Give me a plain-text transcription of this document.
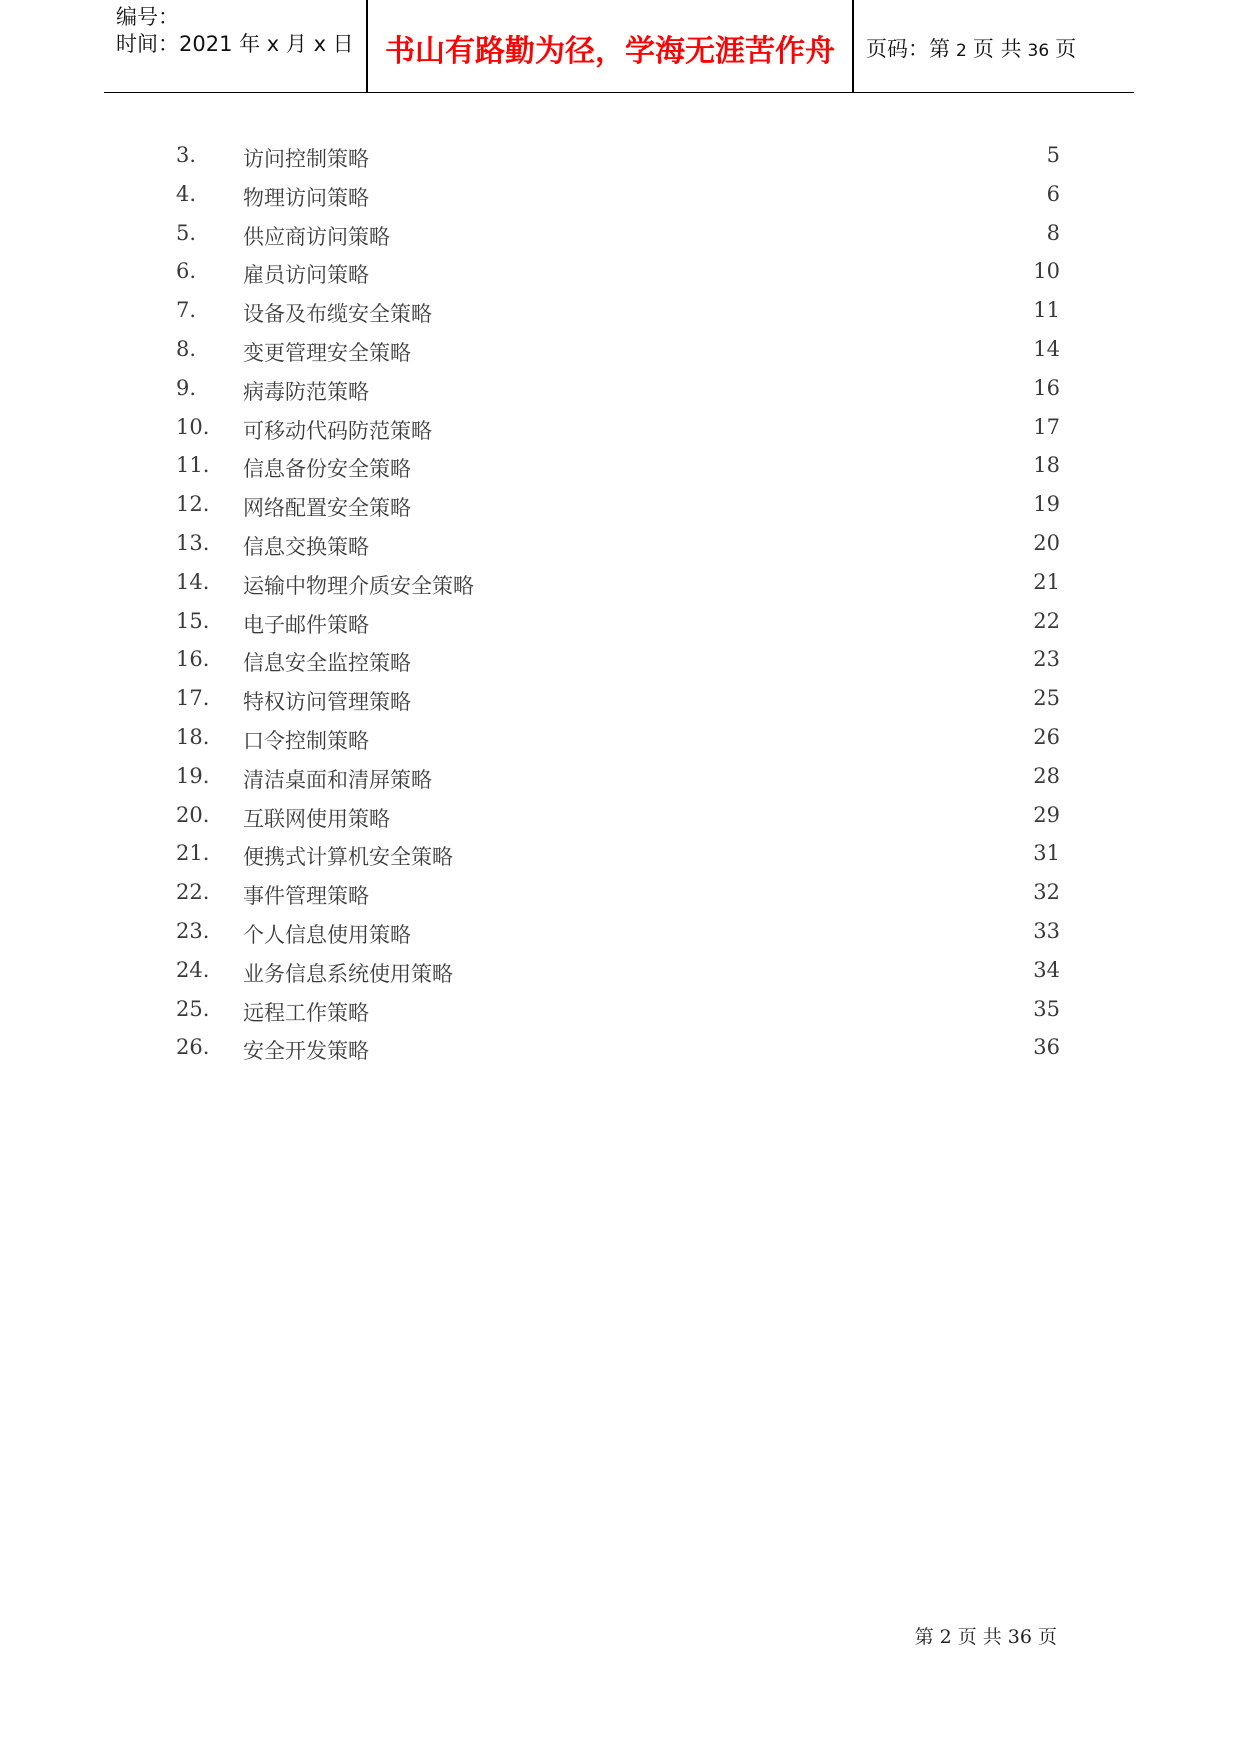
编号：
时间：2021 年 x 月 x 日	书山有路勤为径，学海无涯苦作舟	页码：第 2 页 共 36 页
3. 访问控制策略	5
4. 物理访问策略	6
5. 供应商访问策略	8
6. 雇员访问策略	10
7. 设备及布缆安全策略	11
8. 变更管理安全策略	14
9. 病毒防范策略	16
10. 可移动代码防范策略	17
11. 信息备份安全策略	18
12. 网络配置安全策略	19
13. 信息交换策略	20
14. 运输中物理介质安全策略	21
15. 电子邮件策略	22
16. 信息安全监控策略	23
17. 特权访问管理策略	25
18. 口令控制策略	26
19. 清洁桌面和清屏策略	28
20. 互联网使用策略	29
21. 便携式计算机安全策略	31
22. 事件管理策略	32
23. 个人信息使用策略	33
24. 业务信息系统使用策略	34
25. 远程工作策略	35
26. 安全开发策略	36
第 2 页 共 36 页
